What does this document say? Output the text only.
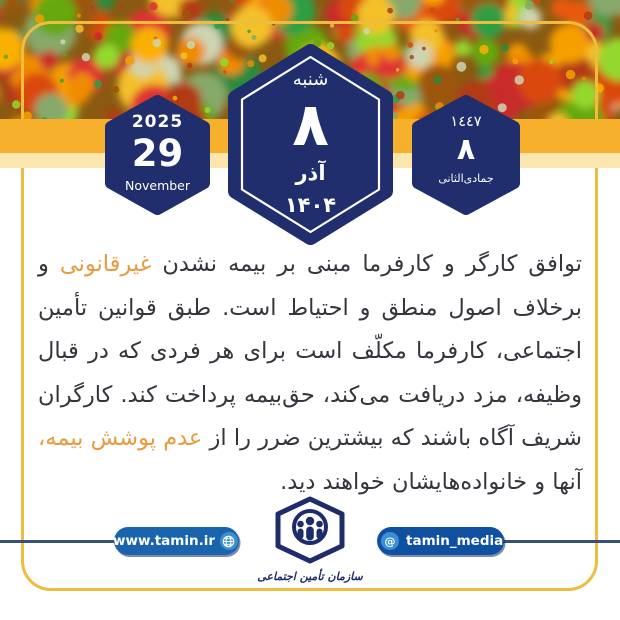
2025
29
November
شنبه
۸
آذر
۱۴۰۴
١٤٤٧
٨
جمادی‌الثانی
توافق کارگر و کارفرما مبنی بر بیمه نشدن غیرقانونی و برخلاف اصول منطق و احتیاط است. طبق قوانین تأمین اجتماعی، کارفرما مکلّف است برای هر فردی که در قبال وظیفه، مزد دریافت می‌کند، حق‌بیمه پرداخت کند. کارگران شریف آگاه باشند که بیشترین ضرر را از عدم پوشش بیمه، آنها و خانواده‌هایشان خواهند دید.
www.tamin.ir	@ tamin_media
سازمان تأمین اجتماعی
